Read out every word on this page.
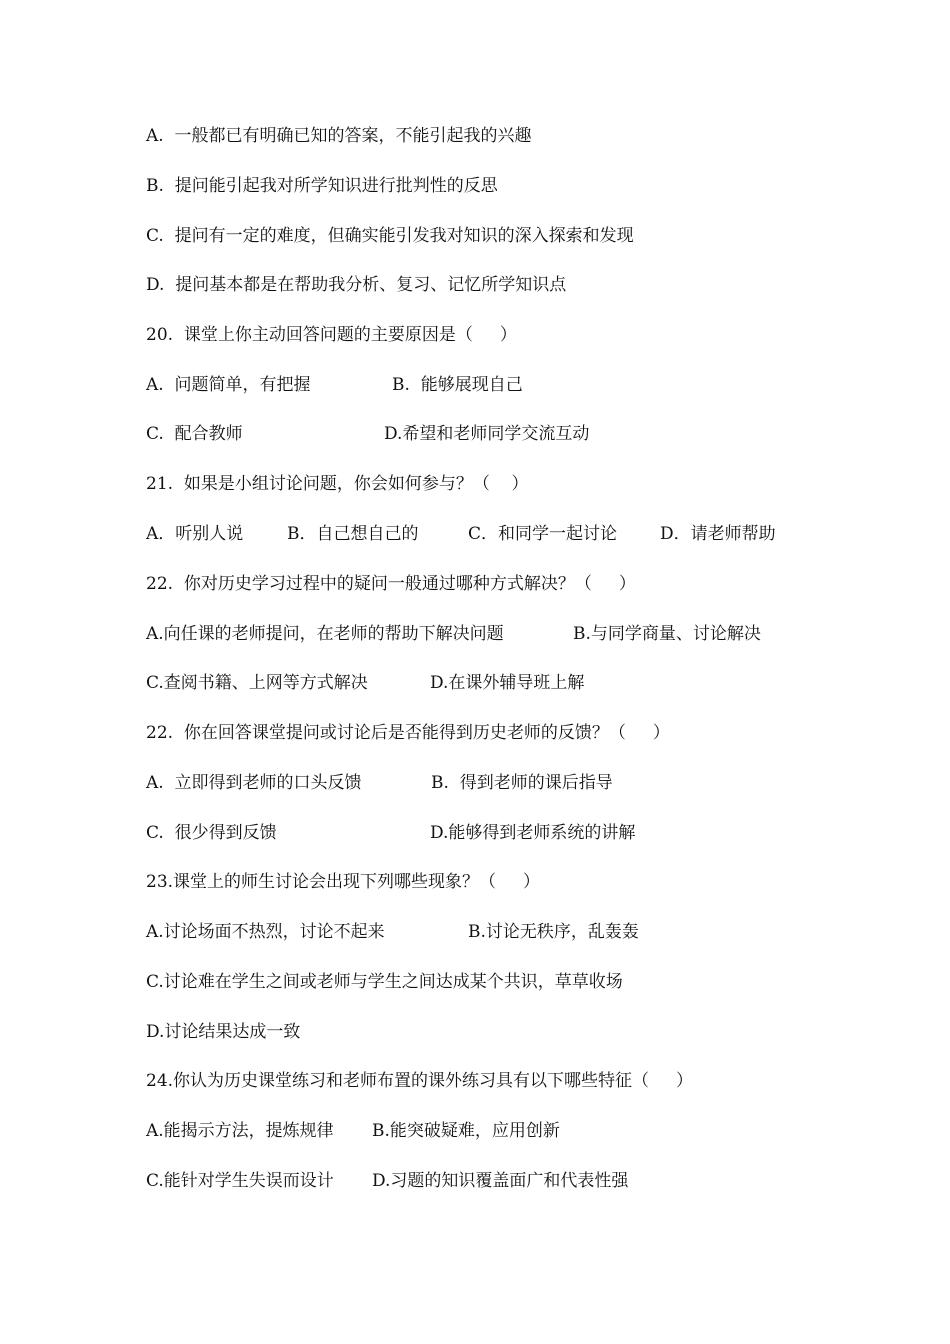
A.  一般都已有明确已知的答案，不能引起我的兴趣
B.  提问能引起我对所学知识进行批判性的反思
C.  提问有一定的难度，但确实能引发我对知识的深入探索和发现
D.  提问基本都是在帮助我分析、复习、记忆所学知识点
20.  课堂上你主动回答问题的主要原因是（     ）

A.  问题简单，有把握

	B.  能够展现自己

C.  配合教师

	D.希望和老师同学交流互动

21.  如果是小组讨论问题，你会如何参与？（    ）

A．听别人说

	B．自己想自己的

	C．和同学一起讨论

	D．请老师帮助

22.  你对历史学习过程中的疑问一般通过哪种方式解决？（     ）

A.向任课的老师提问，在老师的帮助下解决问题

	B.与同学商量、讨论解决

C.查阅书籍、上网等方式解决

	D.在课外辅导班上解

22.  你在回答课堂提问或讨论后是否能得到历史老师的反馈？（     ）

A.  立即得到老师的口头反馈

	B.  得到老师的课后指导

C.  很少得到反馈

	D.能够得到老师系统的讲解

23.课堂上的师生讨论会出现下列哪些现象？（     ）

A.讨论场面不热烈，讨论不起来

	B.讨论无秩序，乱轰轰

C.讨论难在学生之间或老师与学生之间达成某个共识，草草收场
D.讨论结果达成一致
24.你认为历史课堂练习和老师布置的课外练习具有以下哪些特征（     ）

A.能揭示方法，提炼规律

B.能突破疑难，应用创新

C.能针对学生失误而设计

D.习题的知识覆盖面广和代表性强
